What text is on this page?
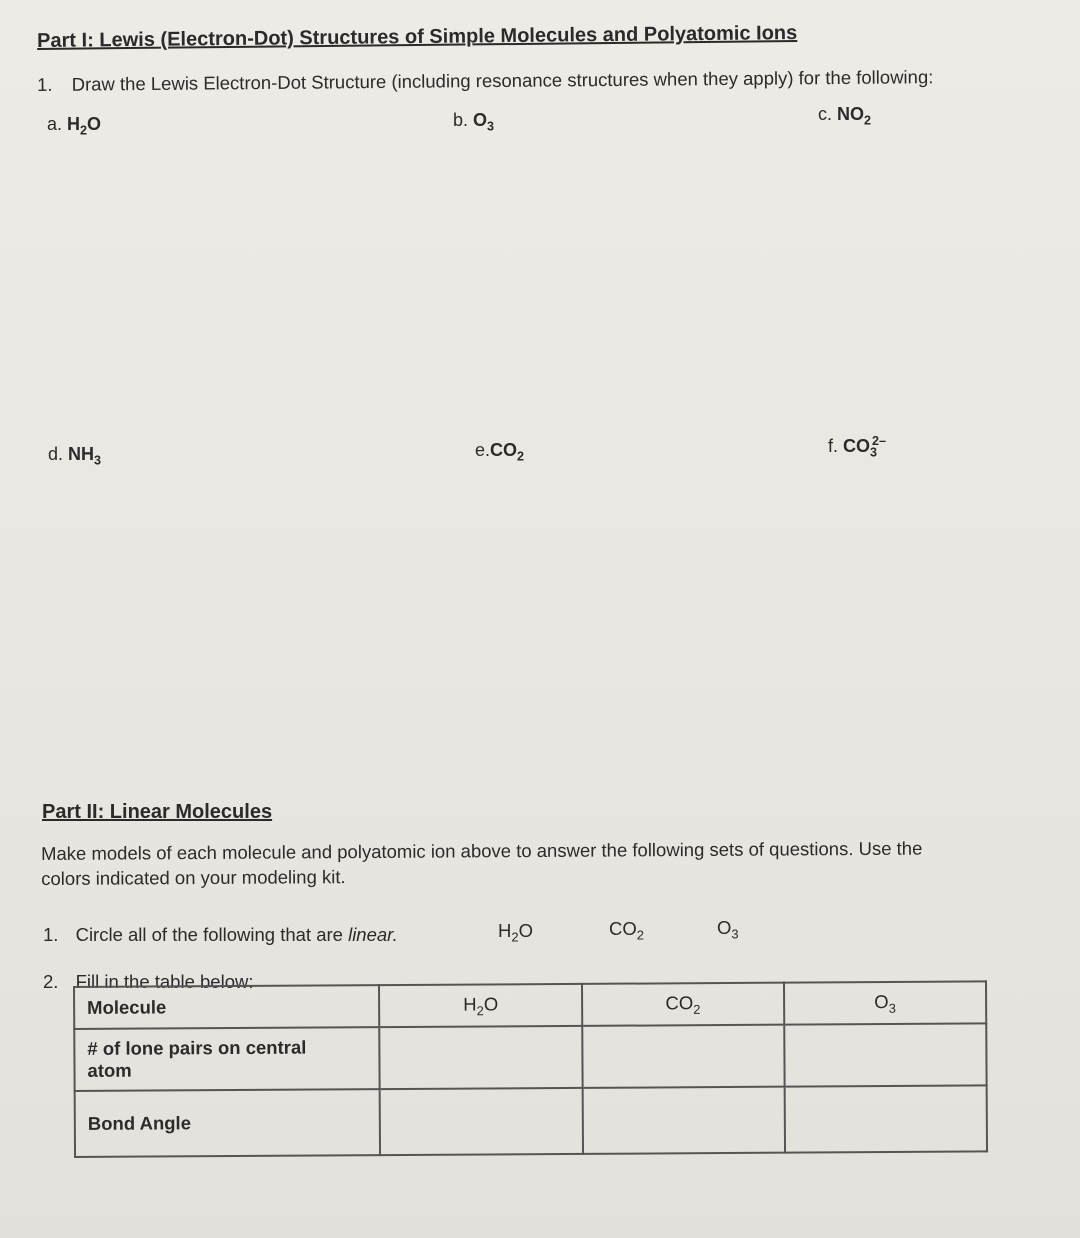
Part I: Lewis (Electron-Dot) Structures of Simple Molecules and Polyatomic Ions
1. Draw the Lewis Electron-Dot Structure (including resonance structures when they apply) for the following:
a. $H_2O$	b. $O_3$
c. $NO_2$
d. $NH_3$
$e.CO_2$
f. $CO_3^{2-}$
Part II: Linear Molecules
Make models of each molecule and polyatomic ion above to answer the following sets of questions. Use the
colors indicated on your modeling kit.
1. Circle all of the following that are linear.	$H_2O$	$CO_2$	$O_3$
2. Fill in the table below:
Molecule	$H_2O$	$CO_2$	$O_3$

# of lone pairs on central
atom			

Bond Angle			
